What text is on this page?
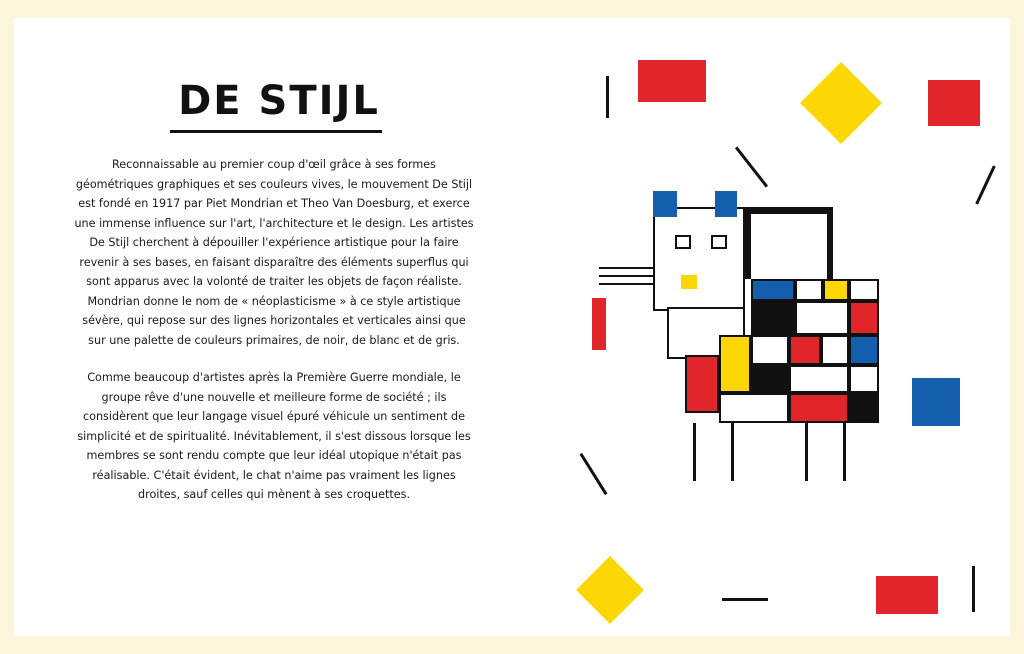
DE STIJL

Reconnaissable au premier coup d'œil grâce à ses formes géométriques graphiques et ses couleurs vives, le mouvement De Stijl est fondé en 1917 par Piet Mondrian et Theo Van Doesburg, et exerce une immense influence sur l'art, l'architecture et le design. Les artistes De Stijl cherchent à dépouiller l'expérience artistique pour la faire revenir à ses bases, en faisant disparaître des éléments superflus qui sont apparus avec la volonté de traiter les objets de façon réaliste. Mondrian donne le nom de « néoplasticisme » à ce style artistique sévère, qui repose sur des lignes horizontales et verticales ainsi que sur une palette de couleurs primaires, de noir, de blanc et de gris.

Comme beaucoup d'artistes après la Première Guerre mondiale, le groupe rêve d'une nouvelle et meilleure forme de société ; ils considèrent que leur langage visuel épuré véhicule un sentiment de simplicité et de spiritualité. Inévitablement, il s'est dissous lorsque les membres se sont rendu compte que leur idéal utopique n'était pas réalisable. C'était évident, le chat n'aime pas vraiment les lignes droites, sauf celles qui mènent à ses croquettes.
